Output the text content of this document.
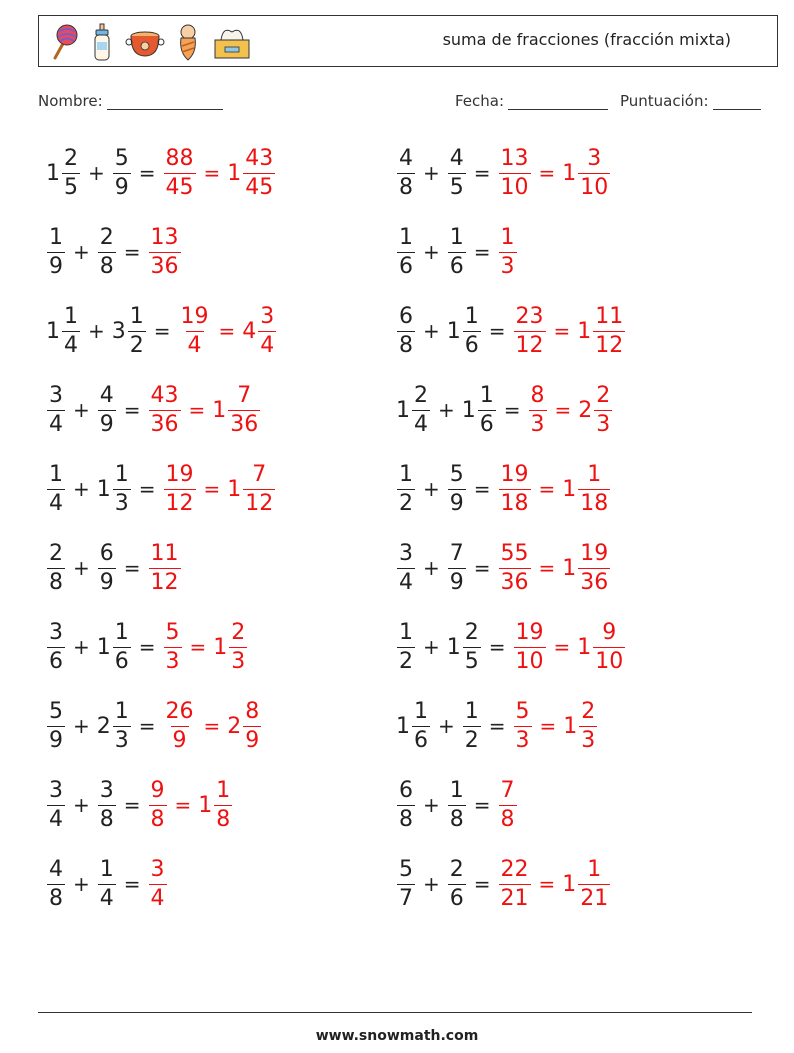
suma de fracciones (fracción mixta)
Nombre:	Fecha:	Puntuación:
$1 \frac{2}{5} + \frac{5}{9} = \frac{88}{45} = 1 \frac{43}{45}$	$\frac{4}{8} + \frac{4}{5} = \frac{13}{10} = 1 \frac{3}{10}$
$\frac{1}{9} + \frac{2}{8} = \frac{13}{36}$	$\frac{1}{6} + \frac{1}{6} = \frac{1}{3}$
$1 \frac{1}{4} + 3 \frac{1}{2} = \frac{19}{4} = 4 \frac{3}{4}$	$\frac{6}{8} + 1 \frac{1}{6} = \frac{23}{12} = 1 \frac{11}{12}$
$\frac{3}{4} + \frac{4}{9} = \frac{43}{36} = 1 \frac{7}{36}$	$1 \frac{2}{4} + 1 \frac{1}{6} = \frac{8}{3} = 2 \frac{2}{3}$
$\frac{1}{4} + 1 \frac{1}{3} = \frac{19}{12} = 1 \frac{7}{12}$	$\frac{1}{2} + \frac{5}{9} = \frac{19}{18} = 1 \frac{1}{18}$
$\frac{2}{8} + \frac{6}{9} = \frac{11}{12}$	$\frac{3}{4} + \frac{7}{9} = \frac{55}{36} = 1 \frac{19}{36}$
$\frac{3}{6} + 1 \frac{1}{6} = \frac{5}{3} = 1 \frac{2}{3}$	$\frac{1}{2} + 1 \frac{2}{5} = \frac{19}{10} = 1 \frac{9}{10}$
$\frac{5}{9} + 2 \frac{1}{3} = \frac{26}{9} = 2 \frac{8}{9}$	$1 \frac{1}{6} + \frac{1}{2} = \frac{5}{3} = 1 \frac{2}{3}$
$\frac{3}{4} + \frac{3}{8} = \frac{9}{8} = 1 \frac{1}{8}$	$\frac{6}{8} + \frac{1}{8} = \frac{7}{8}$
$\frac{4}{8} + \frac{1}{4} = \frac{3}{4}$	$\frac{5}{7} + \frac{2}{6} = \frac{22}{21} = 1 \frac{1}{21}$
www.snowmath.com
